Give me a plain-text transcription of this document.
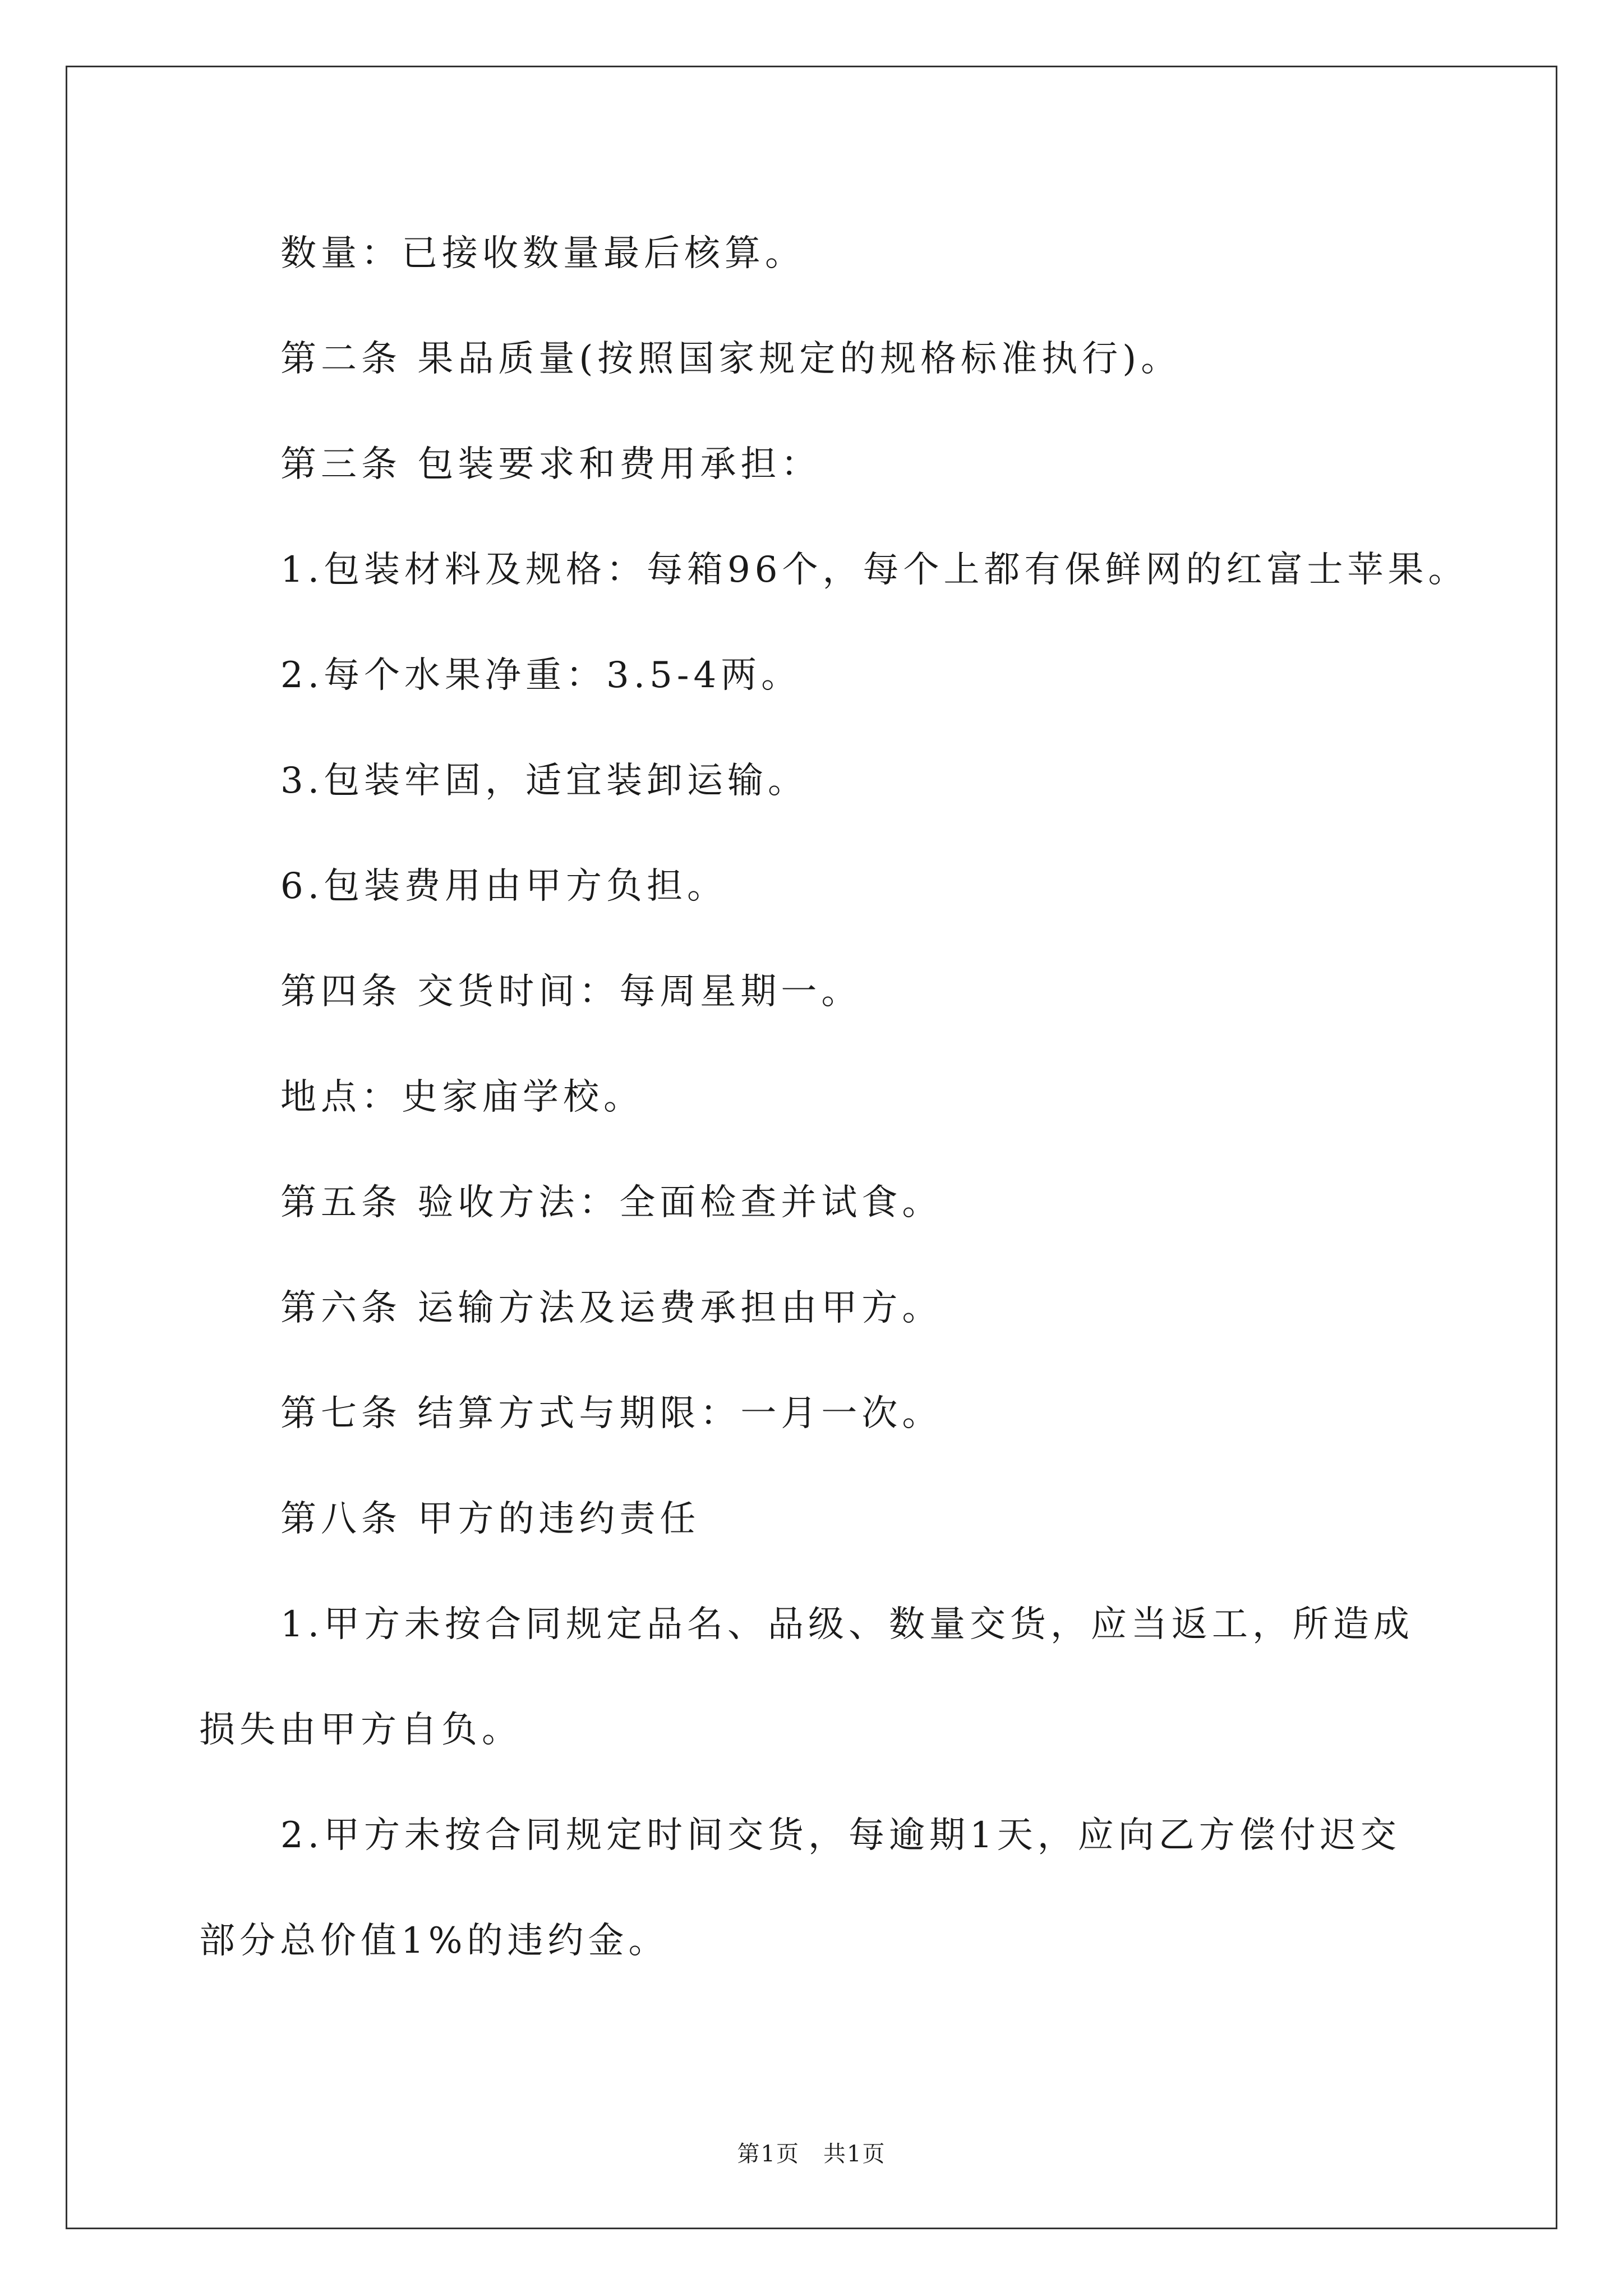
数量：已接收数量最后核算。
第二条 果品质量(按照国家规定的规格标准执行)。
第三条 包装要求和费用承担：
1.包装材料及规格：每箱96个，每个上都有保鲜网的红富士苹果。
2.每个水果净重：3.5-4两。
3.包装牢固，适宜装卸运输。
6.包装费用由甲方负担。
第四条 交货时间：每周星期一。
地点：史家庙学校。
第五条 验收方法：全面检查并试食。
第六条 运输方法及运费承担由甲方。
第七条 结算方式与期限：一月一次。
第八条 甲方的违约责任
1.甲方未按合同规定品名、品级、数量交货，应当返工，所造成
损失由甲方自负。
2.甲方未按合同规定时间交货，每逾期1天，应向乙方偿付迟交
部分总价值1%的违约金。
第1页　共1页
